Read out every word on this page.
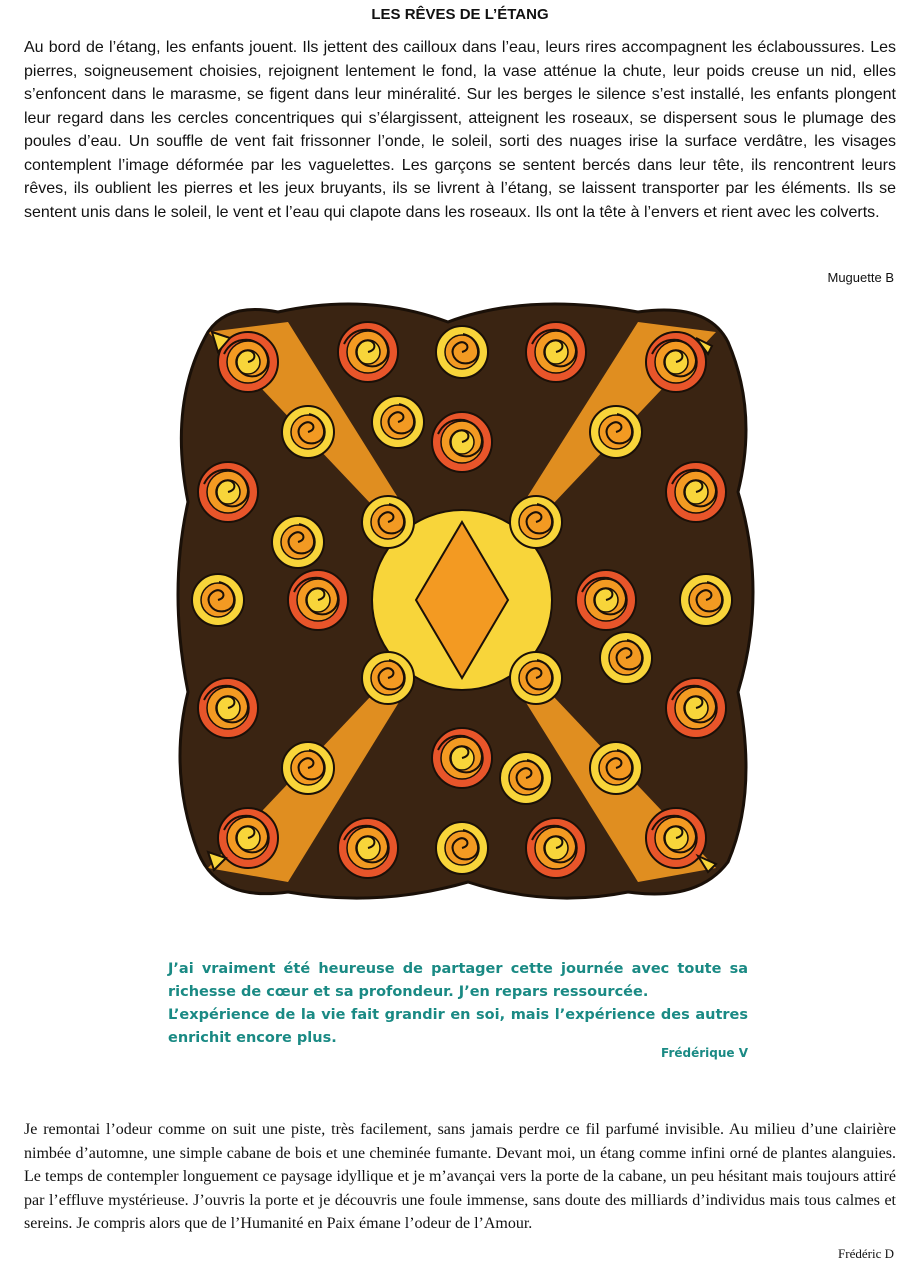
LES RÊVES DE L’ÉTANG

Au bord de l’étang, les enfants jouent. Ils jettent des cailloux dans l’eau, leurs rires accompagnent les éclaboussures. Les pierres, soigneusement choisies, rejoignent lentement le fond, la vase atténue la chute, leur poids creuse un nid, elles s’enfoncent dans le marasme, se figent dans leur minéralité. Sur les berges le silence s’est installé, les enfants plongent leur regard dans les cercles concentriques qui s’élargissent, atteignent les roseaux, se dispersent sous le plumage des poules d’eau. Un souffle de vent fait frissonner l’onde, le soleil, sorti des nuages irise la surface verdâtre, les visages contemplent l’image déformée par les vaguelettes. Les garçons se sentent bercés dans leur tête, ils rencontrent leurs rêves, ils oublient les pierres et les jeux bruyants, ils se livrent à l’étang, se laissent transporter par les éléments. Ils se sentent unis dans le soleil, le vent et l’eau qui clapote dans les roseaux. Ils ont la tête à l’envers et rient avec les colverts.

Muguette B
J’ai vraiment été heureuse de partager cette journée avec toute sa richesse de cœur et sa profondeur. J’en repars ressourcée.
L’expérience de la vie fait grandir en soi, mais l’expérience des autres enrichit encore plus.
Frédérique V

Je remontai l’odeur comme on suit une piste, très facilement, sans jamais perdre ce fil parfumé invisible. Au milieu d’une clairière nimbée d’automne, une simple cabane de bois et une cheminée fumante. Devant moi, un étang comme infini orné de plantes alanguies. Le temps de contempler longuement ce paysage idyllique et je m’avançai vers la porte de la cabane, un peu hésitant mais toujours attiré par l’effluve mystérieuse. J’ouvris la porte et je découvris une foule immense, sans doute des milliards d’individus mais tous calmes et sereins. Je compris alors que de l’Humanité en Paix émane l’odeur de l’Amour.

Frédéric D
